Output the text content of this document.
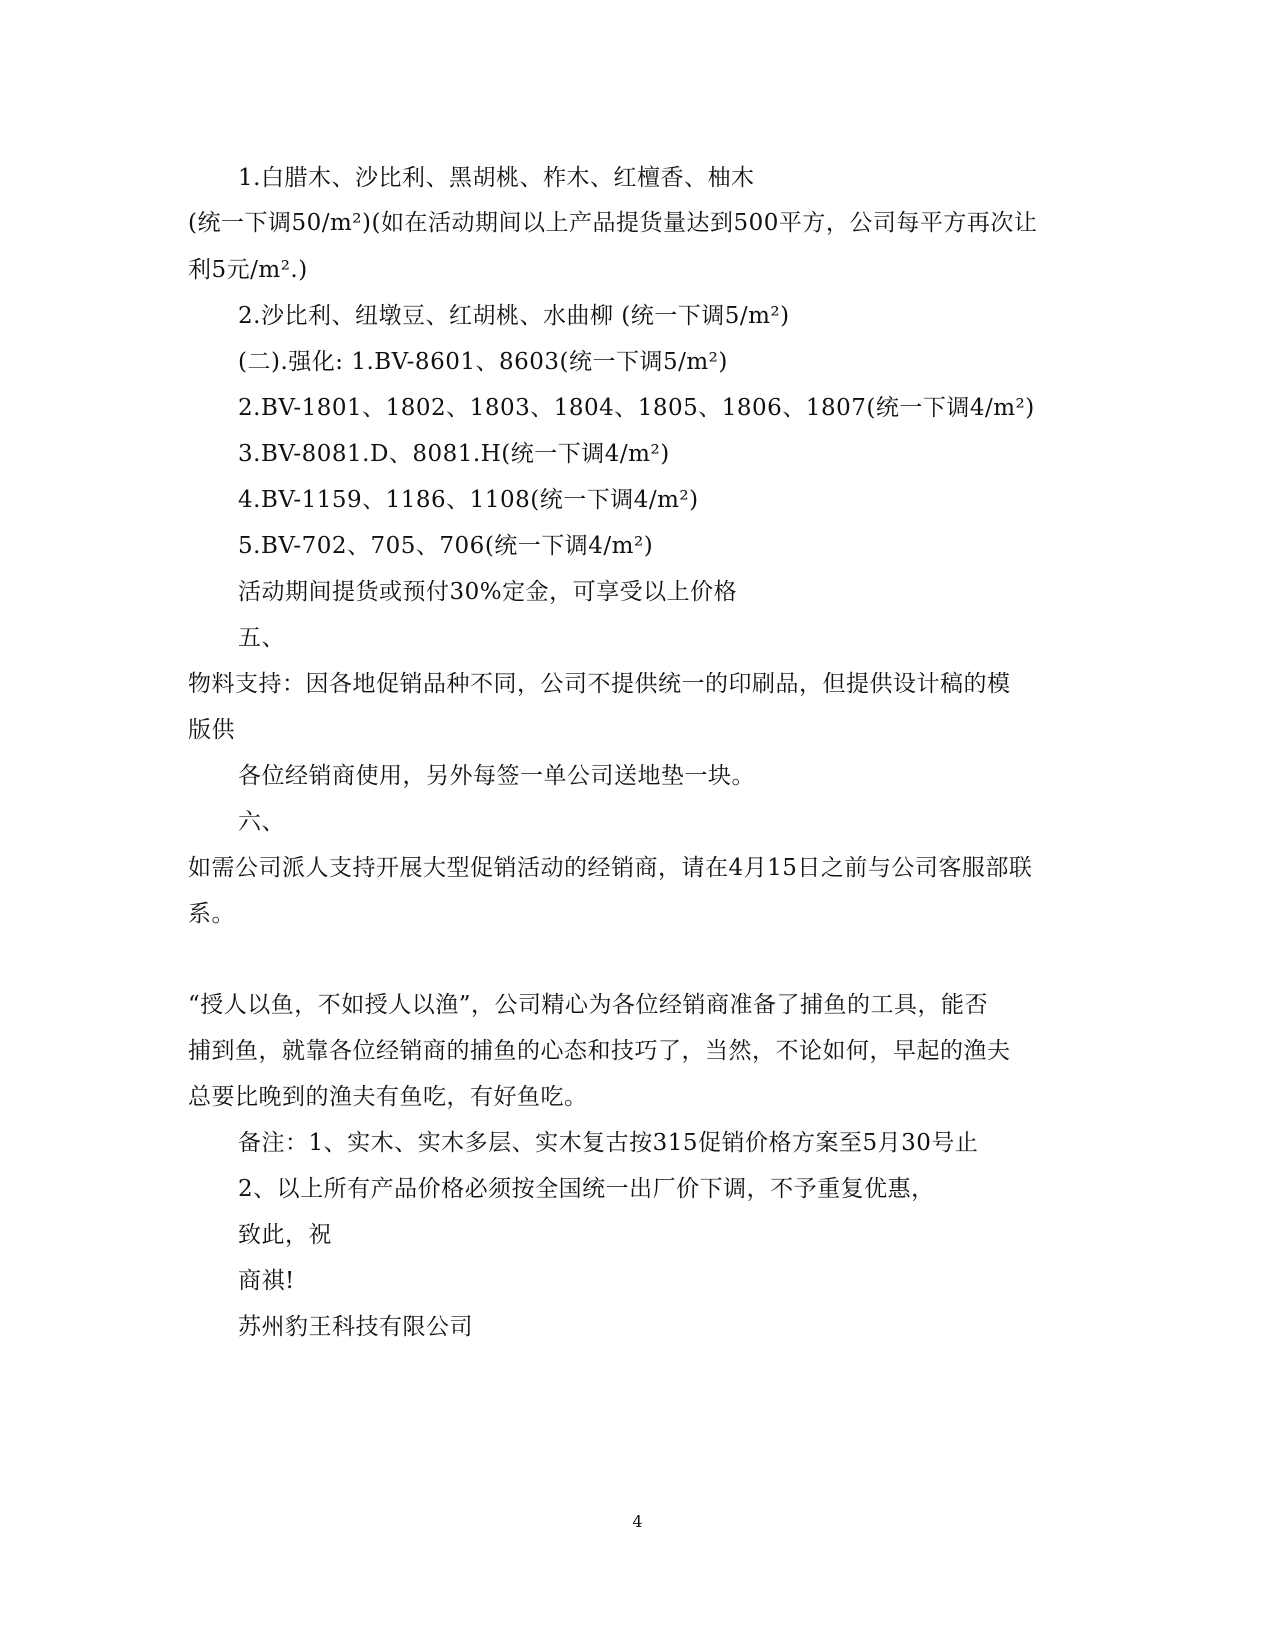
1.白腊木、沙比利、黑胡桃、柞木、红檀香、柚木
(统一下调50/m²)(如在活动期间以上产品提货量达到500平方，公司每平方再次让
利5元/m².)
2.沙比利、纽墩豆、红胡桃、水曲柳 (统一下调5/m²)
(二).强化: 1.BV-8601、8603(统一下调5/m²)
2.BV-1801、1802、1803、1804、1805、1806、1807(统一下调4/m²)
3.BV-8081.D、8081.H(统一下调4/m²)
4.BV-1159、1186、1108(统一下调4/m²)
5.BV-702、705、706(统一下调4/m²)
活动期间提货或预付30%定金，可享受以上价格
五、
物料支持：因各地促销品种不同，公司不提供统一的印刷品，但提供设计稿的模
版供
各位经销商使用，另外每签一单公司送地垫一块。
六、
如需公司派人支持开展大型促销活动的经销商，请在4月15日之前与公司客服部联
系。
“授人以鱼，不如授人以渔”，公司精心为各位经销商准备了捕鱼的工具，能否
捕到鱼，就靠各位经销商的捕鱼的心态和技巧了，当然，不论如何，早起的渔夫
总要比晚到的渔夫有鱼吃，有好鱼吃。
备注：1、实木、实木多层、实木复古按315促销价格方案至5月30号止
2、以上所有产品价格必须按全国统一出厂价下调，不予重复优惠，
致此，祝
商祺!
苏州豹王科技有限公司
4
